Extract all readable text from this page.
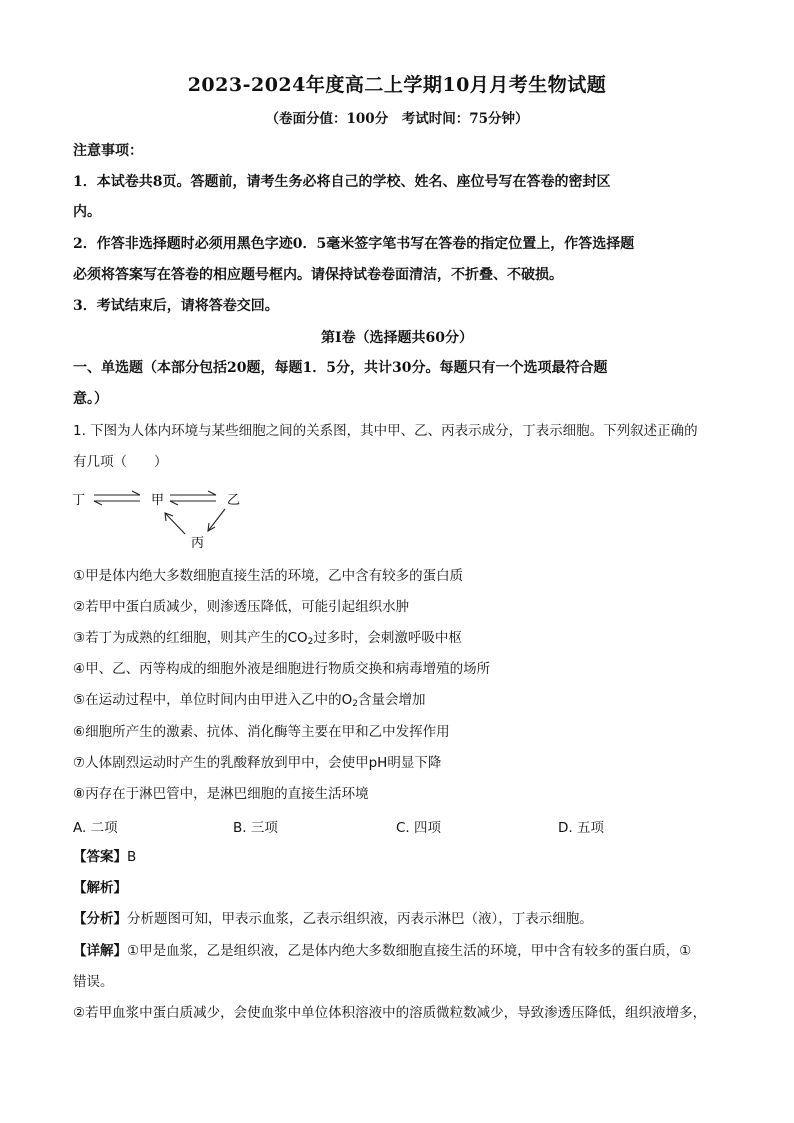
2023-2024年度高二上学期10月月考生物试题
（卷面分值：100分　考试时间：75分钟）
注意事项：
1．本试卷共8页。答题前，请考生务必将自己的学校、姓名、座位号写在答卷的密封区
内。
2．作答非选择题时必须用黑色字迹0．5毫米签字笔书写在答卷的指定位置上，作答选择题
必须将答案写在答卷的相应题号框内。请保持试卷卷面清洁，不折叠、不破损。
3．考试结束后，请将答卷交回。
第Ⅰ卷（选择题共60分）
一、单选题（本部分包括20题，每题1．5分，共计30分。每题只有一个选项最符合题
意。）
1. 下图为人体内环境与某些细胞之间的关系图，其中甲、乙、丙表示成分，丁表示细胞。下列叙述正确的
有几项（　　）
丁	甲	乙
丙
①甲是体内绝大多数细胞直接生活的环境，乙中含有较多的蛋白质
②若甲中蛋白质减少，则渗透压降低，可能引起组织水肿
③若丁为成熟的红细胞，则其产生的$CO_2$过多时，会刺激呼吸中枢
④甲、乙、丙等构成的细胞外液是细胞进行物质交换和病毒增殖的场所
⑤在运动过程中，单位时间内由甲进入乙中的$O_2$含量会增加
⑥细胞所产生的激素、抗体、消化酶等主要在甲和乙中发挥作用
⑦人体剧烈运动时产生的乳酸释放到甲中，会使甲pH明显下降
⑧丙存在于淋巴管中，是淋巴细胞的直接生活环境
A. 二项	B. 三项	C. 四项	D. 五项
【答案】B
【解析】
【分析】分析题图可知，甲表示血浆，乙表示组织液，丙表示淋巴（液），丁表示细胞。
【详解】①甲是血浆，乙是组织液，乙是体内绝大多数细胞直接生活的环境，甲中含有较多的蛋白质，①
错误。
②若甲血浆中蛋白质减少，会使血浆中单位体积溶液中的溶质微粒数减少，导致渗透压降低，组织液增多，
